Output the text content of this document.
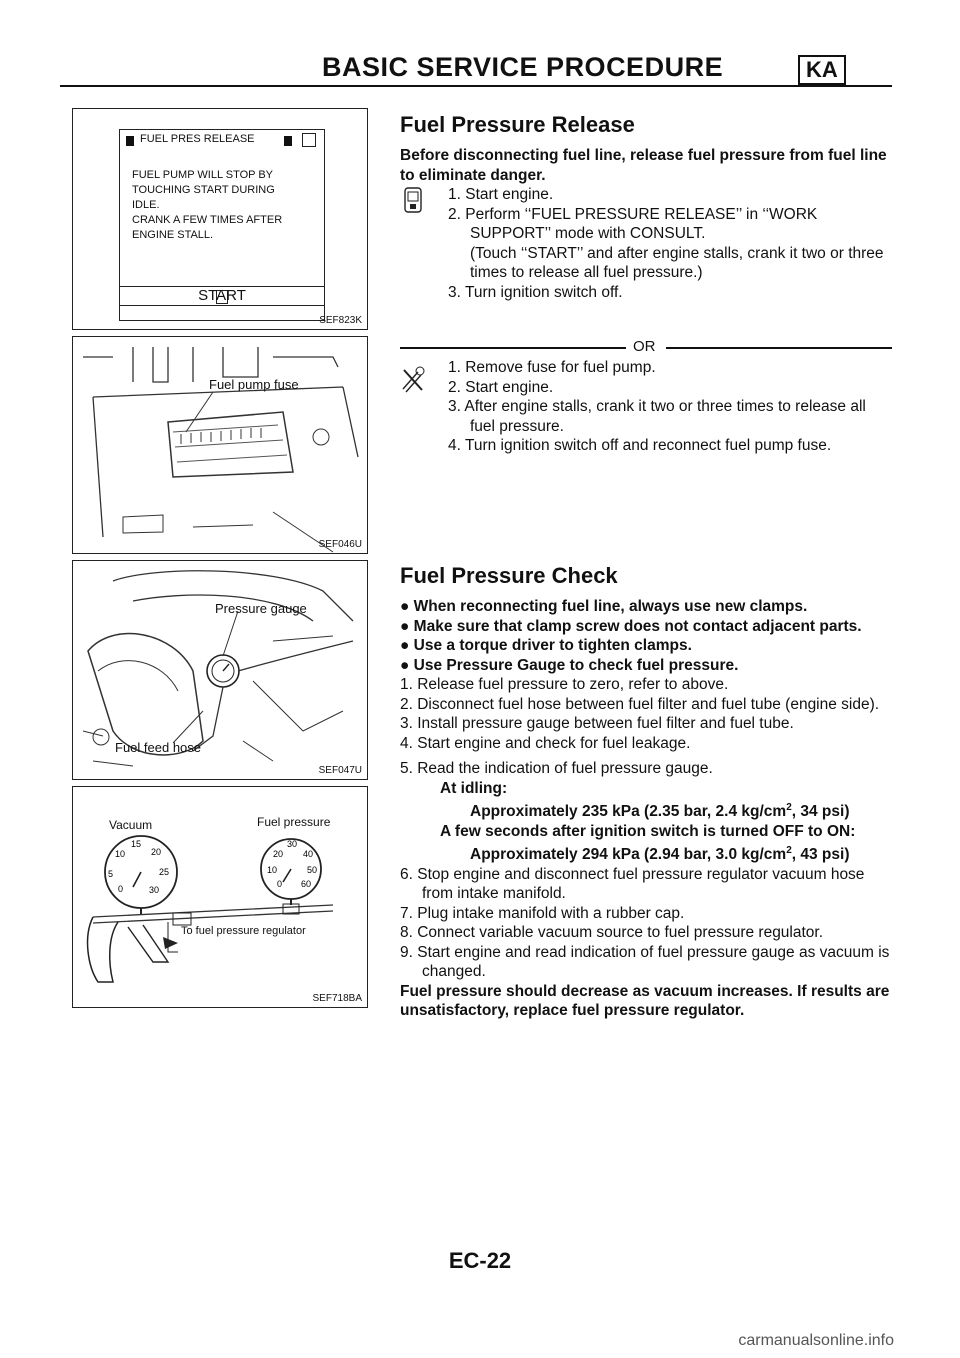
BASIC SERVICE PROCEDURE	KA
FUEL PRES RELEASE
FUEL PUMP WILL STOP BY
TOUCHING START DURING
IDLE.
CRANK A FEW TIMES AFTER
ENGINE STALL.
START
SEF823K
Fuel pump fuse
SEF046U
Pressure gauge
Fuel feed hose
SEF047U
10
15
20
5	25
0	30
20
30
40
10	50
0 60
Vacuum	Fuel pressure
To fuel pressure regulator
SEF718BA
Fuel Pressure Release

Before disconnecting fuel line, release fuel pressure from fuel line to eliminate danger.

1. Start engine.

2. Perform ‘‘FUEL PRESSURE RELEASE’’ in ‘‘WORK SUPPORT’’ mode with CONSULT.

(Touch ‘‘START’’ and after engine stalls, crank it two or three times to release all fuel pressure.)

3. Turn ignition switch off.

OR

1. Remove fuse for fuel pump.

2. Start engine.

3. After engine stalls, crank it two or three times to release all fuel pressure.

4. Turn ignition switch off and reconnect fuel pump fuse.

Fuel Pressure Check

● When reconnecting fuel line, always use new clamps.

● Make sure that clamp screw does not contact adjacent parts.

● Use a torque driver to tighten clamps.

● Use Pressure Gauge to check fuel pressure.

1. Release fuel pressure to zero, refer to above.

2. Disconnect fuel hose between fuel filter and fuel tube (engine side).

3. Install pressure gauge between fuel filter and fuel tube.

4. Start engine and check for fuel leakage.

5. Read the indication of fuel pressure gauge.

At idling:

Approximately 235 kPa (2.35 bar, 2.4 $kg/cm^2$, 34 psi)

A few seconds after ignition switch is turned OFF to ON:

Approximately 294 kPa (2.94 bar, 3.0 $kg/cm^2$, 43 psi)

6. Stop engine and disconnect fuel pressure regulator vacuum hose from intake manifold.

7. Plug intake manifold with a rubber cap.

8. Connect variable vacuum source to fuel pressure regulator.

9. Start engine and read indication of fuel pressure gauge as vacuum is changed.

Fuel pressure should decrease as vacuum increases. If results are unsatisfactory, replace fuel pressure regulator.

EC-22
carmanualsonline.info
